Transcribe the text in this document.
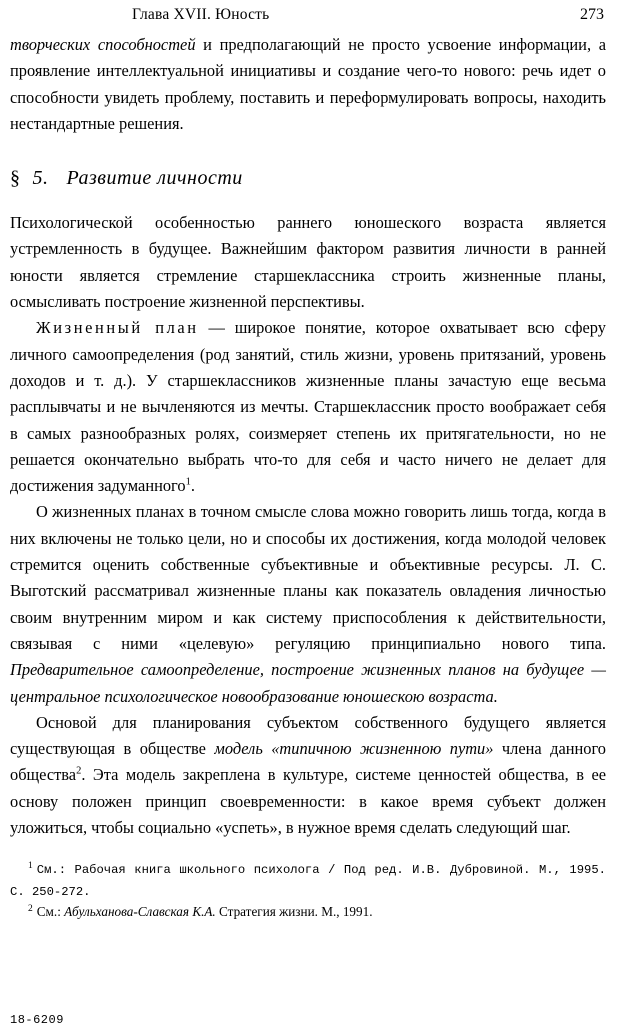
Глава XVII. Юность	273

творческих способностей и предполагающий не просто усвоение информации, а проявление интеллектуальной инициативы и создание чего-то нового: речь идет о способности увидеть проблему, поставить и переформулировать вопросы, находить нестандартные решения.

§ 5. Развитие личности

Психологической особенностью раннего юношеского возраста является устремленность в будущее. Важнейшим фактором развития личности в ранней юности является стремление старшеклассника строить жизненные планы, осмысливать построение жизненной перспективы.

Жизненный план — широкое понятие, которое охватывает всю сферу личного самоопределения (род занятий, стиль жизни, уровень притязаний, уровень доходов и т. д.). У старшеклассников жизненные планы зачастую еще весьма расплывчаты и не вычленяются из мечты. Старшеклассник просто воображает себя в самых разнообразных ролях, соизмеряет степень их притягательности, но не решается окончательно выбрать что-то для себя и часто ничего не делает для достижения задуманного$^1$.

О жизненных планах в точном смысле слова можно говорить лишь тогда, когда в них включены не только цели, но и способы их достижения, когда молодой человек стремится оценить собственные субъективные и объективные ресурсы. Л. С. Выготский рассматривал жизненные планы как показатель овладения личностью своим внутренним миром и как систему приспособления к действительности, связывая с ними «целевую» регуляцию принципиально нового типа. Предварительное самоопределение, построение жизненных планов на будущее — центральное психологическое новообразование юношескою возраста.

Основой для планирования субъектом собственного будущего является существующая в обществе модель «типичною жизненною пути» члена данного общества$^2$. Эта модель закреплена в культуре, системе ценностей общества, в ее основу положен принцип своевременности: в какое время субъект должен уложиться, чтобы социально «успеть», в нужное время сделать следующий шаг.

$^1$ См.: Рабочая книга школьного психолога / Под ред. И.В. Дубровиной. М., 1995. С. 250-272.
$^2$ См.: Абульханова-Славская К.А. Стратегия жизни. М., 1991.
18-6209
